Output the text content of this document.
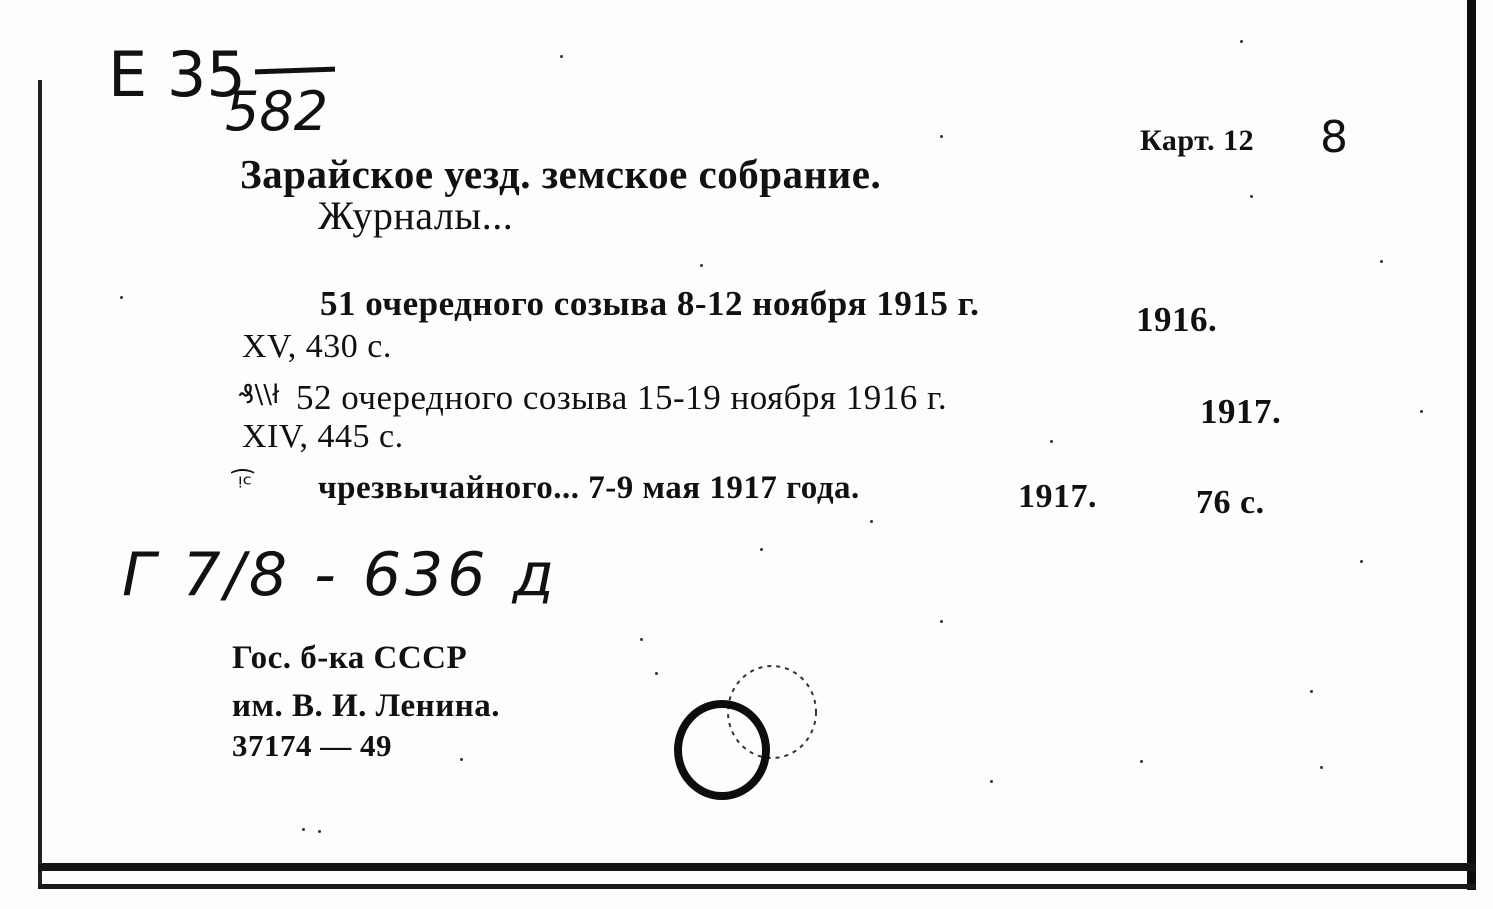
Е 35
582	Карт. 12 8
Зарайское уезд. земское собрание.
Журналы...
51 очередного созыва 8-12 ноября 1915 г.	1916.
XV, 430 с.
₰\\ł 52 очередного созыва 15-19 ноября 1916 г.	1917.
XIV, 445 с.
ᵎ͡ᶜ чрезвычайного... 7-9 мая 1917 года.	1917.	76 с.
Г 7/8 - 636 д
Гос. б-ка СССР
им. В. И. Ленина.
37174 — 49
